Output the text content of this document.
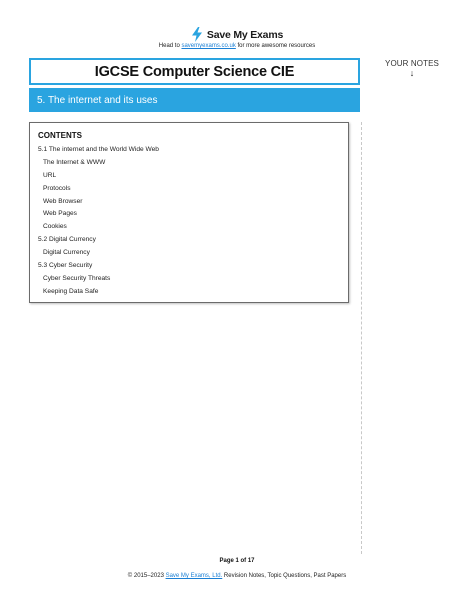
Save My Exams
Head to savemyexams.co.uk for more awesome resources
IGCSE Computer Science CIE
5. The internet and its uses
YOUR NOTES
↓
CONTENTS
5.1 The internet and the World Wide Web
The Internet & WWW
URL
Protocols
Web Browser
Web Pages
Cookies
5.2 Digital Currency
Digital Currency
5.3 Cyber Security
Cyber Security Threats
Keeping Data Safe
Page 1 of 17
© 2015–2023 Save My Exams, Ltd. Revision Notes, Topic Questions, Past Papers
